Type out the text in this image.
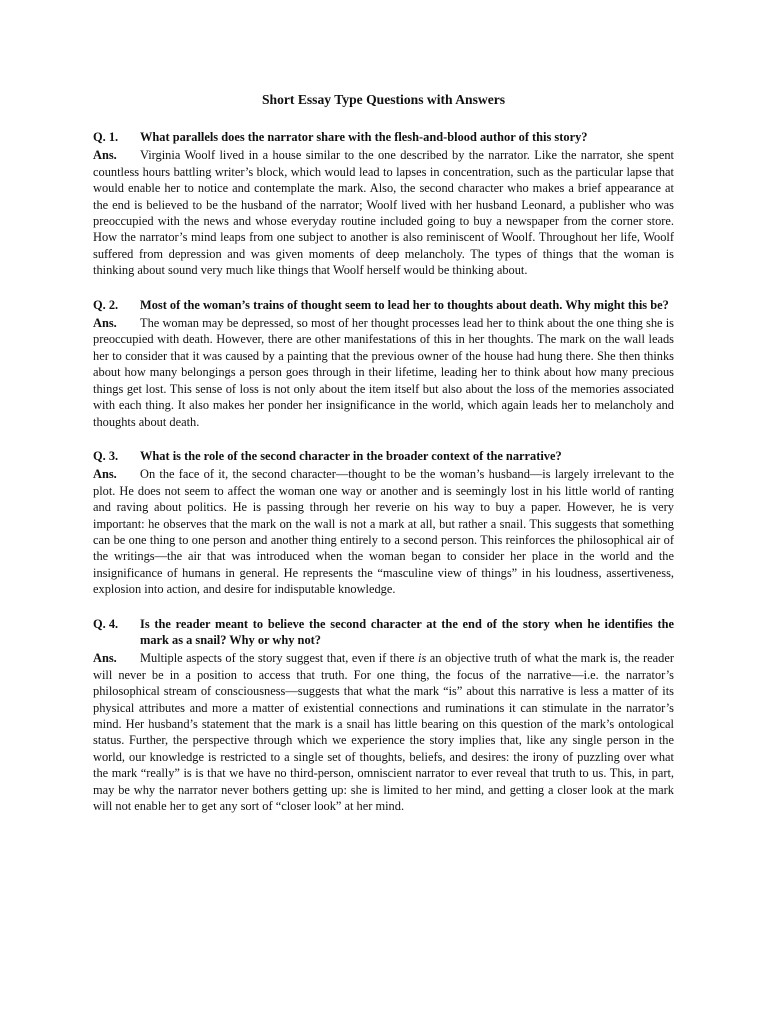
Short Essay Type Questions with Answers
Q. 1.	What parallels does the narrator share with the flesh-and-blood author of this story?

Ans. Virginia Woolf lived in a house similar to the one described by the narrator. Like the narrator, she spent countless hours battling writer’s block, which would lead to lapses in concentration, such as the particular lapse that would enable her to notice and contemplate the mark. Also, the second character who makes a brief appearance at the end is believed to be the husband of the narrator; Woolf lived with her husband Leonard, a publisher who was preoccupied with the news and whose everyday routine included going to buy a newspaper from the corner store. How the narrator’s mind leaps from one subject to another is also reminiscent of Woolf. Throughout her life, Woolf suffered from depression and was given moments of deep melancholy. The types of things that the woman is thinking about sound very much like things that Woolf herself would be thinking about.

Q. 2.	Most of the woman’s trains of thought seem to lead her to thoughts about death. Why might this be?

Ans. The woman may be depressed, so most of her thought processes lead her to think about the one thing she is preoccupied with death. However, there are other manifestations of this in her thoughts. The mark on the wall leads her to consider that it was caused by a painting that the previous owner of the house had hung there. She then thinks about how many belongings a person goes through in their lifetime, leading her to think about how many precious things get lost. This sense of loss is not only about the item itself but also about the loss of the memories associated with each thing. It also makes her ponder her insignificance in the world, which again leads her to melancholy and thoughts about death.

Q. 3.	What is the role of the second character in the broader context of the narrative?

Ans. On the face of it, the second character—thought to be the woman’s husband—is largely irrelevant to the plot. He does not seem to affect the woman one way or another and is seemingly lost in his little world of ranting and raving about politics. He is passing through her reverie on his way to buy a paper. However, he is very important: he observes that the mark on the wall is not a mark at all, but rather a snail. This suggests that something can be one thing to one person and another thing entirely to a second person. This reinforces the philosophical air of the writings—the air that was introduced when the woman began to consider her place in the world and the insignificance of humans in general. He represents the “masculine view of things” in his loudness, assertiveness, explosion into action, and desire for indisputable knowledge.

Q. 4.	Is the reader meant to believe the second character at the end of the story when he identifies the mark as a snail? Why or why not?

Ans. Multiple aspects of the story suggest that, even if there is an objective truth of what the mark is, the reader will never be in a position to access that truth. For one thing, the focus of the narrative—i.e. the narrator’s philosophical stream of consciousness—suggests that what the mark “is” about this narrative is less a matter of its physical attributes and more a matter of existential connections and ruminations it can stimulate in the narrator’s mind. Her husband’s statement that the mark is a snail has little bearing on this question of the mark’s ontological status. Further, the perspective through which we experience the story implies that, like any single person in the world, our knowledge is restricted to a single set of thoughts, beliefs, and desires: the irony of puzzling over what the mark “really” is is that we have no third-person, omniscient narrator to ever reveal that truth to us. This, in part, may be why the narrator never bothers getting up: she is limited to her mind, and getting a closer look at the mark will not enable her to get any sort of “closer look” at her mind.
